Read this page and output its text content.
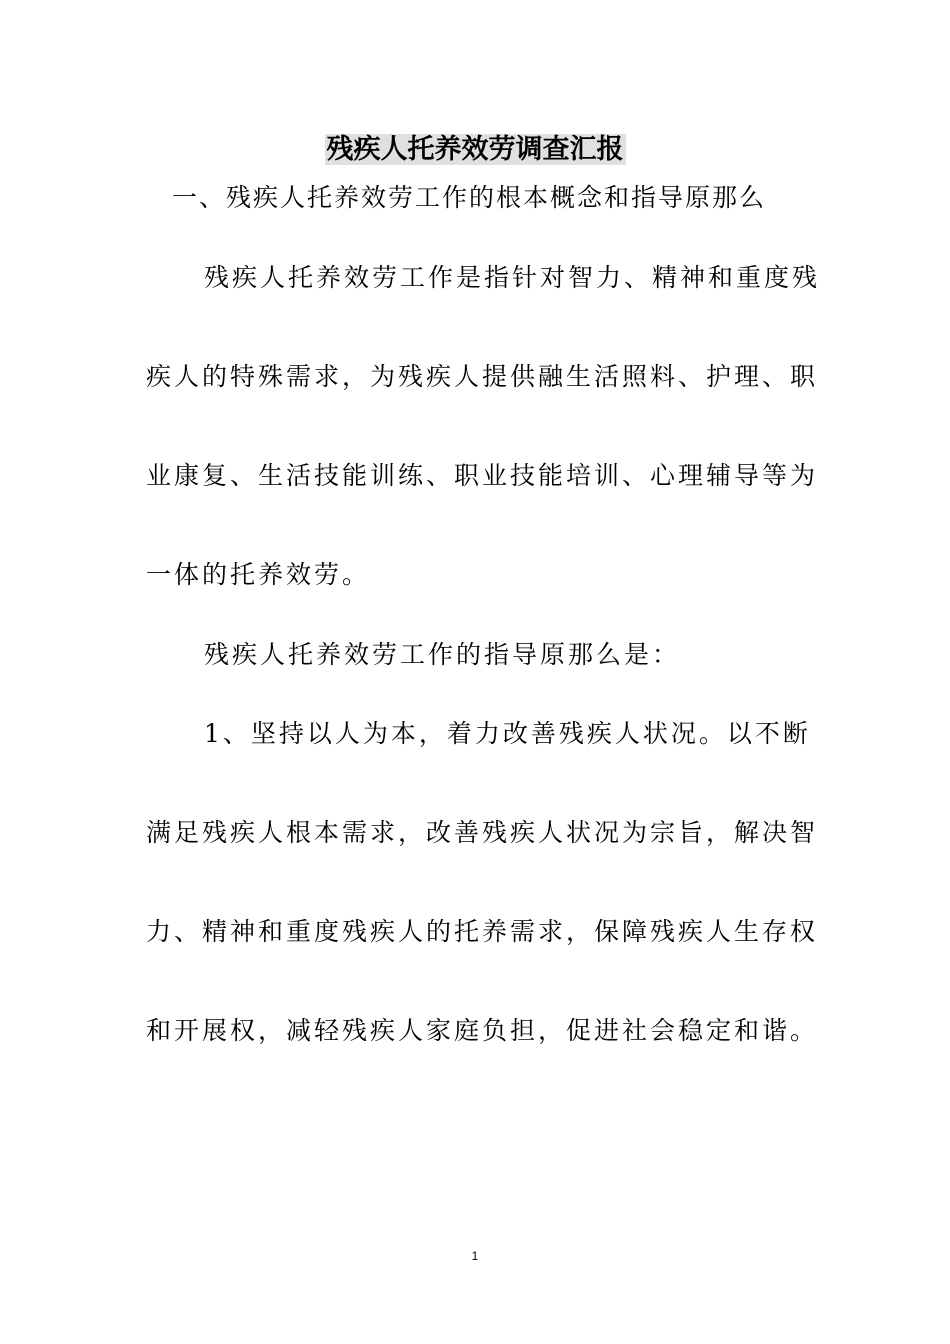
残疾人托养效劳调查汇报
一、残疾人托养效劳工作的根本概念和指导原那么

残疾人托养效劳工作是指针对智力、精神和重度残疾人的特殊需求，为残疾人提供融生活照料、护理、职业康复、生活技能训练、职业技能培训、心理辅导等为一体的托养效劳。

残疾人托养效劳工作的指导原那么是：

1、坚持以人为本，着力改善残疾人状况。以不断满足残疾人根本需求，改善残疾人状况为宗旨，解决智力、精神和重度残疾人的托养需求，保障残疾人生存权和开展权，减轻残疾人家庭负担，促进社会稳定和谐。

1
